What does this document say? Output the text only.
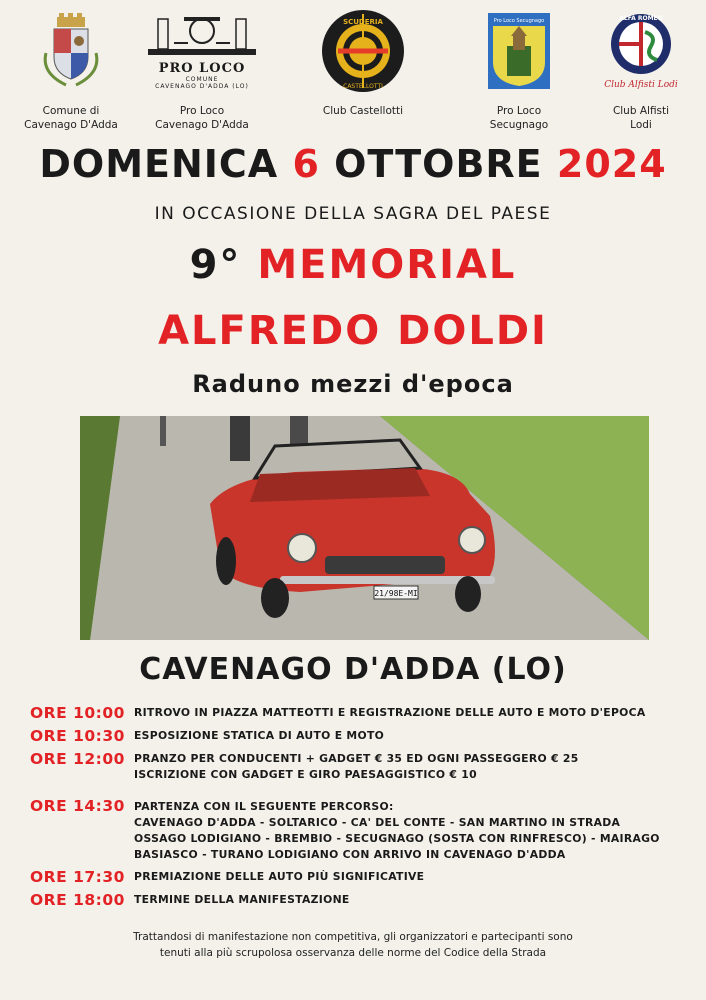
Comune di
Cavenago D'Adda
PRO LOCO
COMUNE
CAVENAGO D'ADDA (LO)
Pro Loco
Cavenago D'Adda
SCUDERIA
CASTELLOTTI
Club Castellotti
Pro Loco Secugnago
Pro Loco
Secugnago
ALFA ROMEO
Club Alfisti Lodi
Club Alfisti
Lodi
DOMENICA 6 OTTOBRE 2024
IN OCCASIONE DELLA SAGRA DEL PAESE
9° MEMORIAL
ALFREDO DOLDI
Raduno mezzi d'epoca
21/98E-MI
CAVENAGO D'ADDA (LO)
ORE 10:00 RITROVO IN PIAZZA MATTEOTTI E REGISTRAZIONE DELLE AUTO E MOTO D'EPOCA
ORE 10:30 ESPOSIZIONE STATICA DI AUTO E MOTO
ORE 12:00 PRANZO PER CONDUCENTI + GADGET € 35 ED OGNI PASSEGGERO € 25
ISCRIZIONE CON GADGET E GIRO PAESAGGISTICO € 10
ORE 14:30 PARTENZA CON IL SEGUENTE PERCORSO:
CAVENAGO D'ADDA - SOLTARICO - CA' DEL CONTE - SAN MARTINO IN STRADA
OSSAGO LODIGIANO - BREMBIO - SECUGNAGO (SOSTA CON RINFRESCO) - MAIRAGO
BASIASCO - TURANO LODIGIANO CON ARRIVO IN CAVENAGO D'ADDA
ORE 17:30 PREMIAZIONE DELLE AUTO PIÙ SIGNIFICATIVE
ORE 18:00 TERMINE DELLA MANIFESTAZIONE
Trattandosi di manifestazione non competitiva, gli organizzatori e partecipanti sono
tenuti alla più scrupolosa osservanza delle norme del Codice della Strada
